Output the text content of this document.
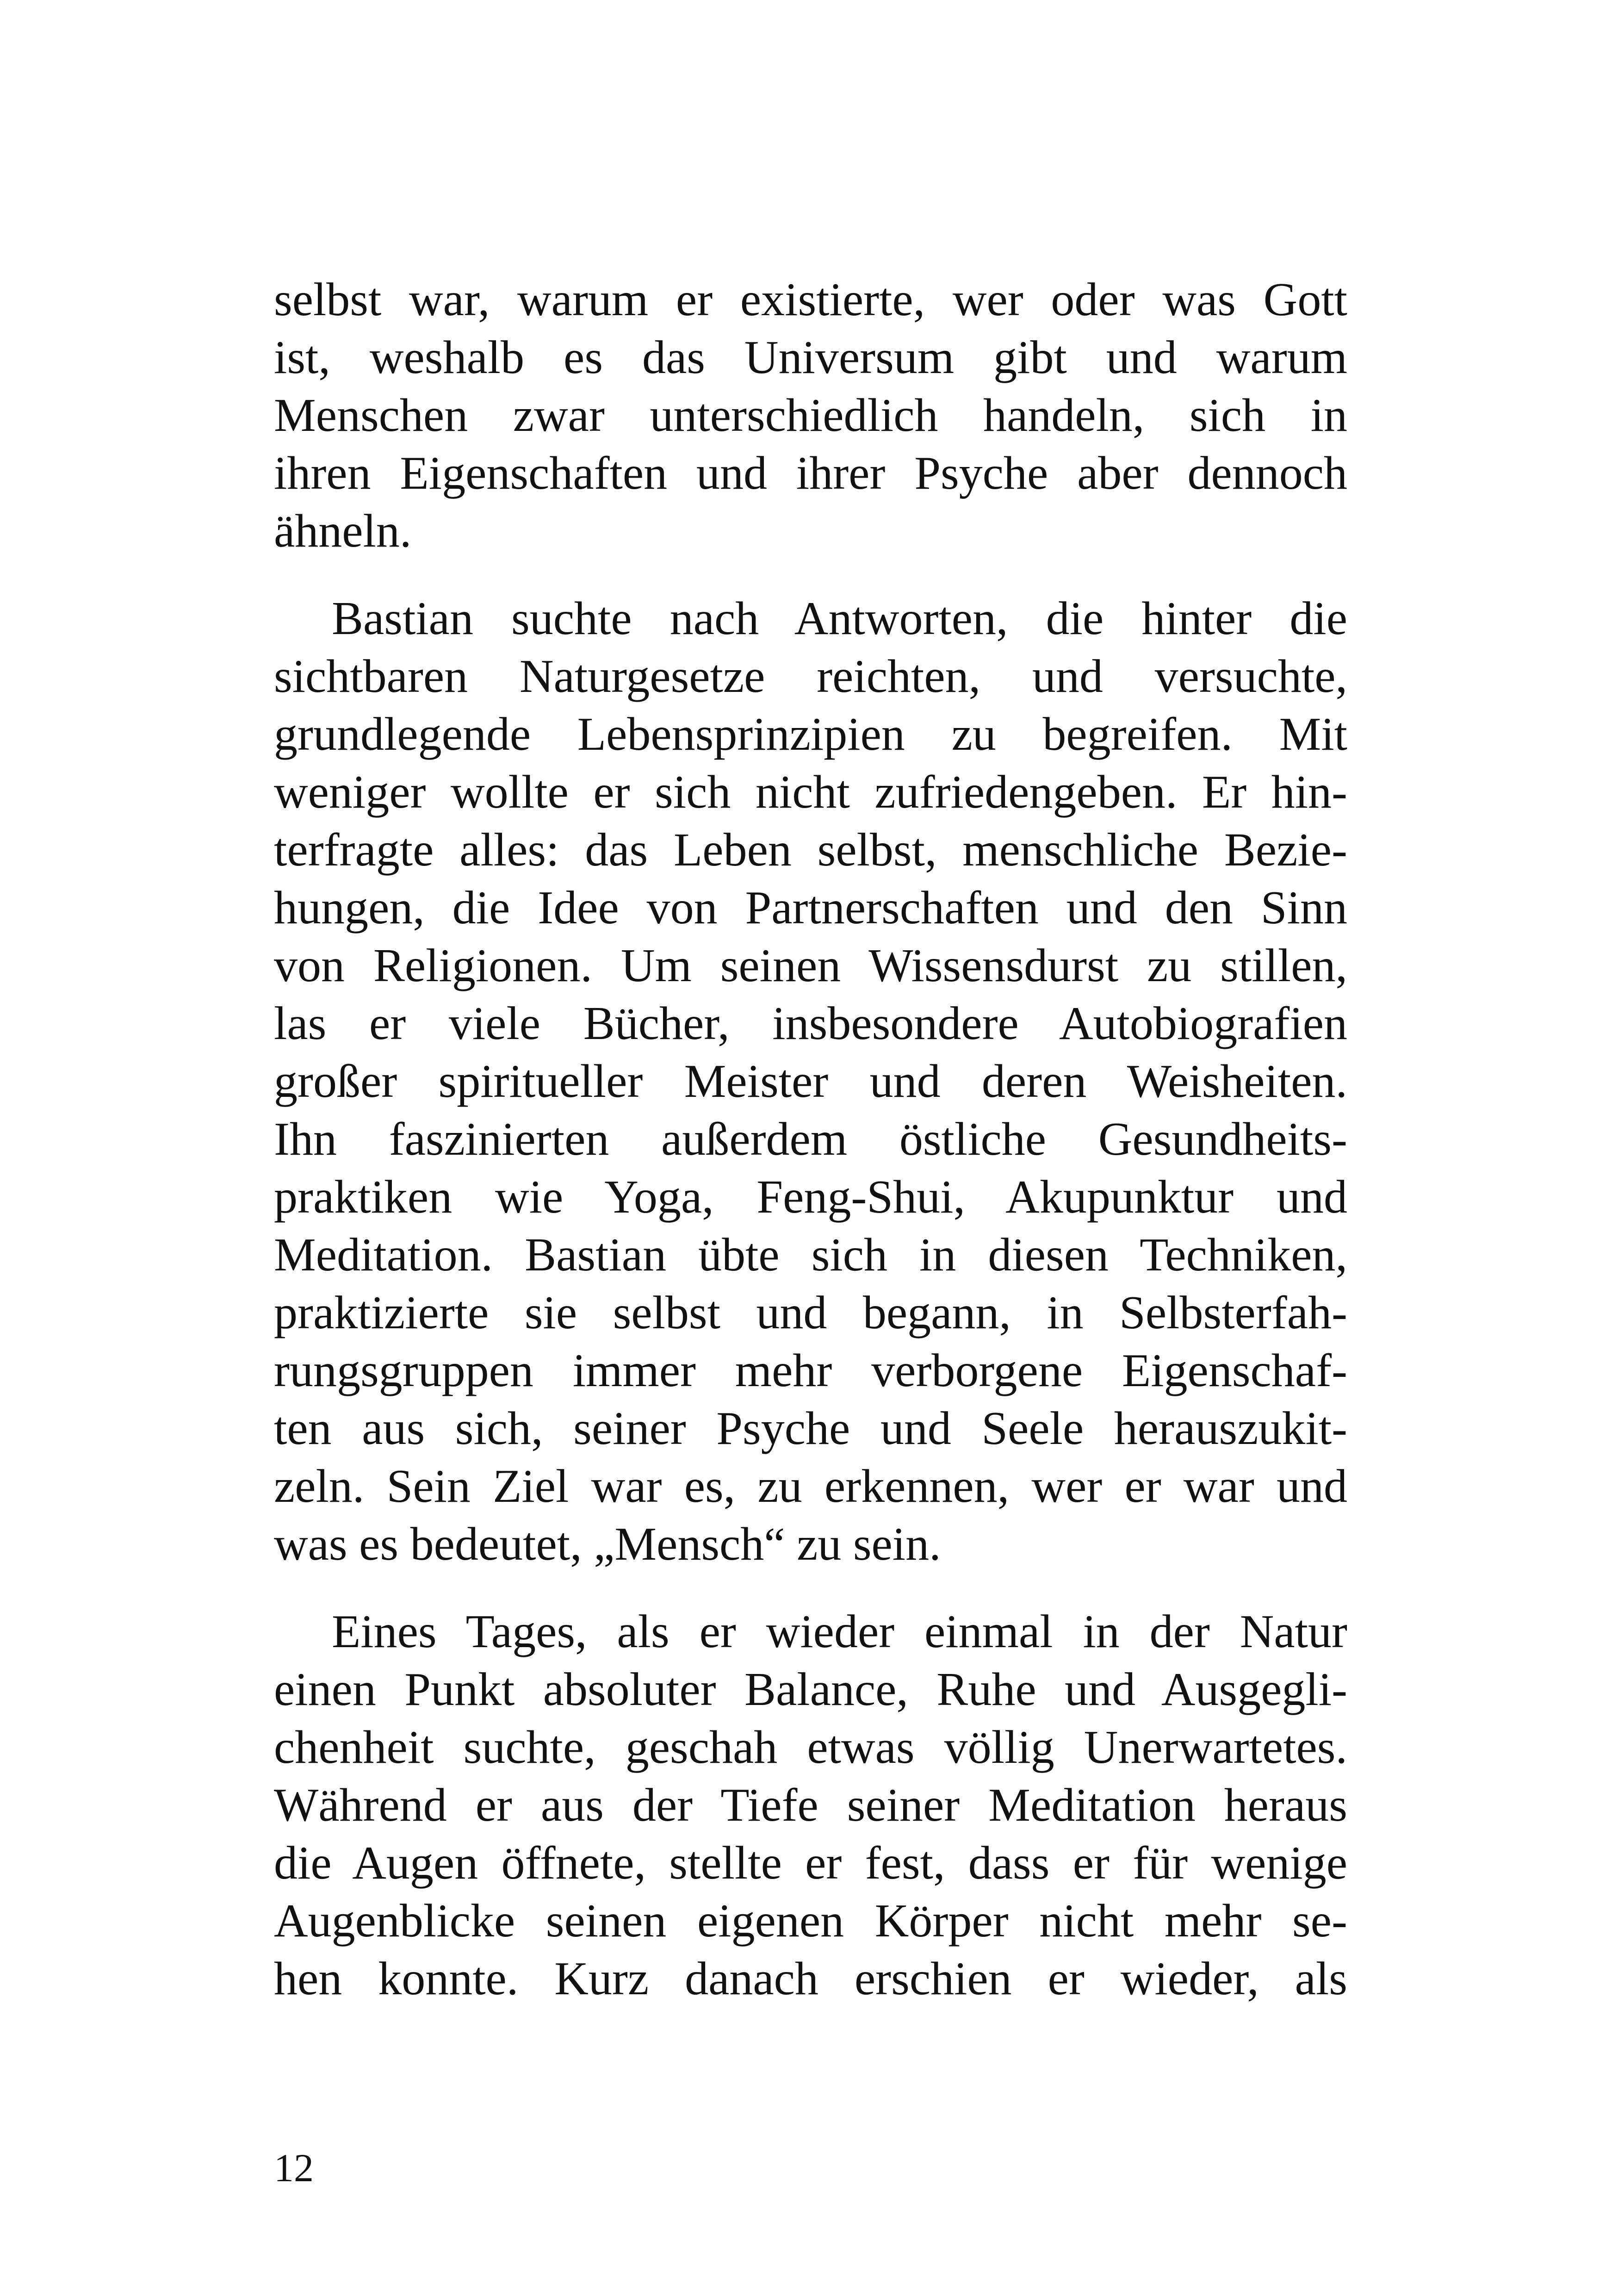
selbst war, warum er existierte, wer oder was Gott
ist, weshalb es das Universum gibt und warum
Menschen zwar unterschiedlich handeln, sich in
ihren Eigenschaften und ihrer Psyche aber dennoch
ähneln.

Bastian suchte nach Antworten, die hinter die
sichtbaren Naturgesetze reichten, und versuchte,
grundlegende Lebensprinzipien zu begreifen. Mit
weniger wollte er sich nicht zufriedengeben. Er hin-
terfragte alles: das Leben selbst, menschliche Bezie-
hungen, die Idee von Partnerschaften und den Sinn
von Religionen. Um seinen Wissensdurst zu stillen,
las er viele Bücher, insbesondere Autobiografien
großer spiritueller Meister und deren Weisheiten.
Ihn faszinierten außerdem östliche Gesundheits-
praktiken wie Yoga, Feng-Shui, Akupunktur und
Meditation. Bastian übte sich in diesen Techniken,
praktizierte sie selbst und begann, in Selbsterfah-
rungsgruppen immer mehr verborgene Eigenschaf-
ten aus sich, seiner Psyche und Seele herauszukit-
zeln. Sein Ziel war es, zu erkennen, wer er war und
was es bedeutet, „Mensch“ zu sein.

Eines Tages, als er wieder einmal in der Natur
einen Punkt absoluter Balance, Ruhe und Ausgegli-
chenheit suchte, geschah etwas völlig Unerwartetes.
Während er aus der Tiefe seiner Meditation heraus
die Augen öffnete, stellte er fest, dass er für wenige
Augenblicke seinen eigenen Körper nicht mehr se-
hen konnte. Kurz danach erschien er wieder, als

12
